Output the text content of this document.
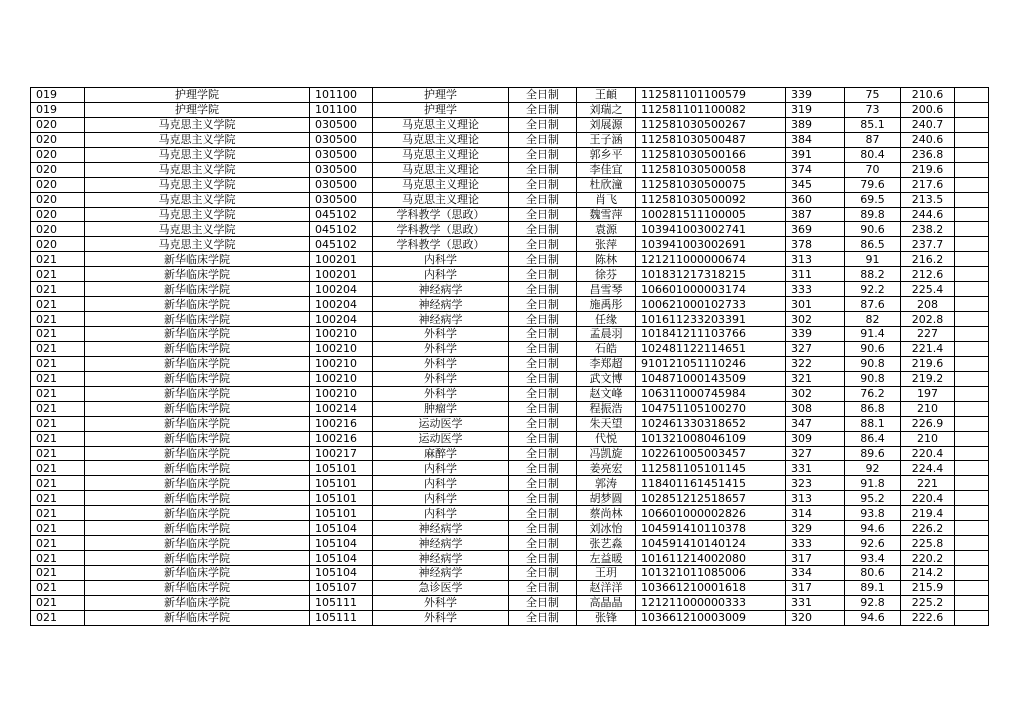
019	护理学院	101100	护理学	全日制	王頔	112581101100579	339	75	210.6	
019	护理学院	101100	护理学	全日制	刘瑞之	112581101100082	319	73	200.6	
020	马克思主义学院	030500	马克思主义理论	全日制	刘展源	112581030500267	389	85.1	240.7	
020	马克思主义学院	030500	马克思主义理论	全日制	王子涵	112581030500487	384	87	240.6	
020	马克思主义学院	030500	马克思主义理论	全日制	郭乡平	112581030500166	391	80.4	236.8	
020	马克思主义学院	030500	马克思主义理论	全日制	李佳宜	112581030500058	374	70	219.6	
020	马克思主义学院	030500	马克思主义理论	全日制	杜欣潼	112581030500075	345	79.6	217.6	
020	马克思主义学院	030500	马克思主义理论	全日制	肖飞	112581030500092	360	69.5	213.5	
020	马克思主义学院	045102	学科教学（思政）	全日制	魏雪萍	100281511100005	387	89.8	244.6	
020	马克思主义学院	045102	学科教学（思政）	全日制	袁源	103941003002741	369	90.6	238.2	
020	马克思主义学院	045102	学科教学（思政）	全日制	张萍	103941003002691	378	86.5	237.7	
021	新华临床学院	100201	内科学	全日制	陈林	121211000000674	313	91	216.2	
021	新华临床学院	100201	内科学	全日制	徐芬	101831217318215	311	88.2	212.6	
021	新华临床学院	100204	神经病学	全日制	昌雪琴	106601000003174	333	92.2	225.4	
021	新华临床学院	100204	神经病学	全日制	施禹彤	100621000102733	301	87.6	208	
021	新华临床学院	100204	神经病学	全日制	任缘	101611233203391	302	82	202.8	
021	新华临床学院	100210	外科学	全日制	孟晨羽	101841211103766	339	91.4	227	
021	新华临床学院	100210	外科学	全日制	石皓	102481122114651	327	90.6	221.4	
021	新华临床学院	100210	外科学	全日制	李郑超	910121051110246	322	90.8	219.6	
021	新华临床学院	100210	外科学	全日制	武文博	104871000143509	321	90.8	219.2	
021	新华临床学院	100210	外科学	全日制	赵文峰	106311000745984	302	76.2	197	
021	新华临床学院	100214	肿瘤学	全日制	程振浩	104751105100270	308	86.8	210	
021	新华临床学院	100216	运动医学	全日制	朱天望	102461330318652	347	88.1	226.9	
021	新华临床学院	100216	运动医学	全日制	代悦	101321008046109	309	86.4	210	
021	新华临床学院	100217	麻醉学	全日制	冯凯旋	102261005003457	327	89.6	220.4	
021	新华临床学院	105101	内科学	全日制	姜亮宏	112581105101145	331	92	224.4	
021	新华临床学院	105101	内科学	全日制	郭涛	118401161451415	323	91.8	221	
021	新华临床学院	105101	内科学	全日制	胡梦圆	102851212518657	313	95.2	220.4	
021	新华临床学院	105101	内科学	全日制	蔡尚林	106601000002826	314	93.8	219.4	
021	新华临床学院	105104	神经病学	全日制	刘冰怡	104591410110378	329	94.6	226.2	
021	新华临床学院	105104	神经病学	全日制	张艺淼	104591410140124	333	92.6	225.8	
021	新华临床学院	105104	神经病学	全日制	左益暖	101611214002080	317	93.4	220.2	
021	新华临床学院	105104	神经病学	全日制	王玥	101321011085006	334	80.6	214.2	
021	新华临床学院	105107	急诊医学	全日制	赵洋洋	103661210001618	317	89.1	215.9	
021	新华临床学院	105111	外科学	全日制	高晶晶	121211000000333	331	92.8	225.2	
021	新华临床学院	105111	外科学	全日制	张锋	103661210003009	320	94.6	222.6	
